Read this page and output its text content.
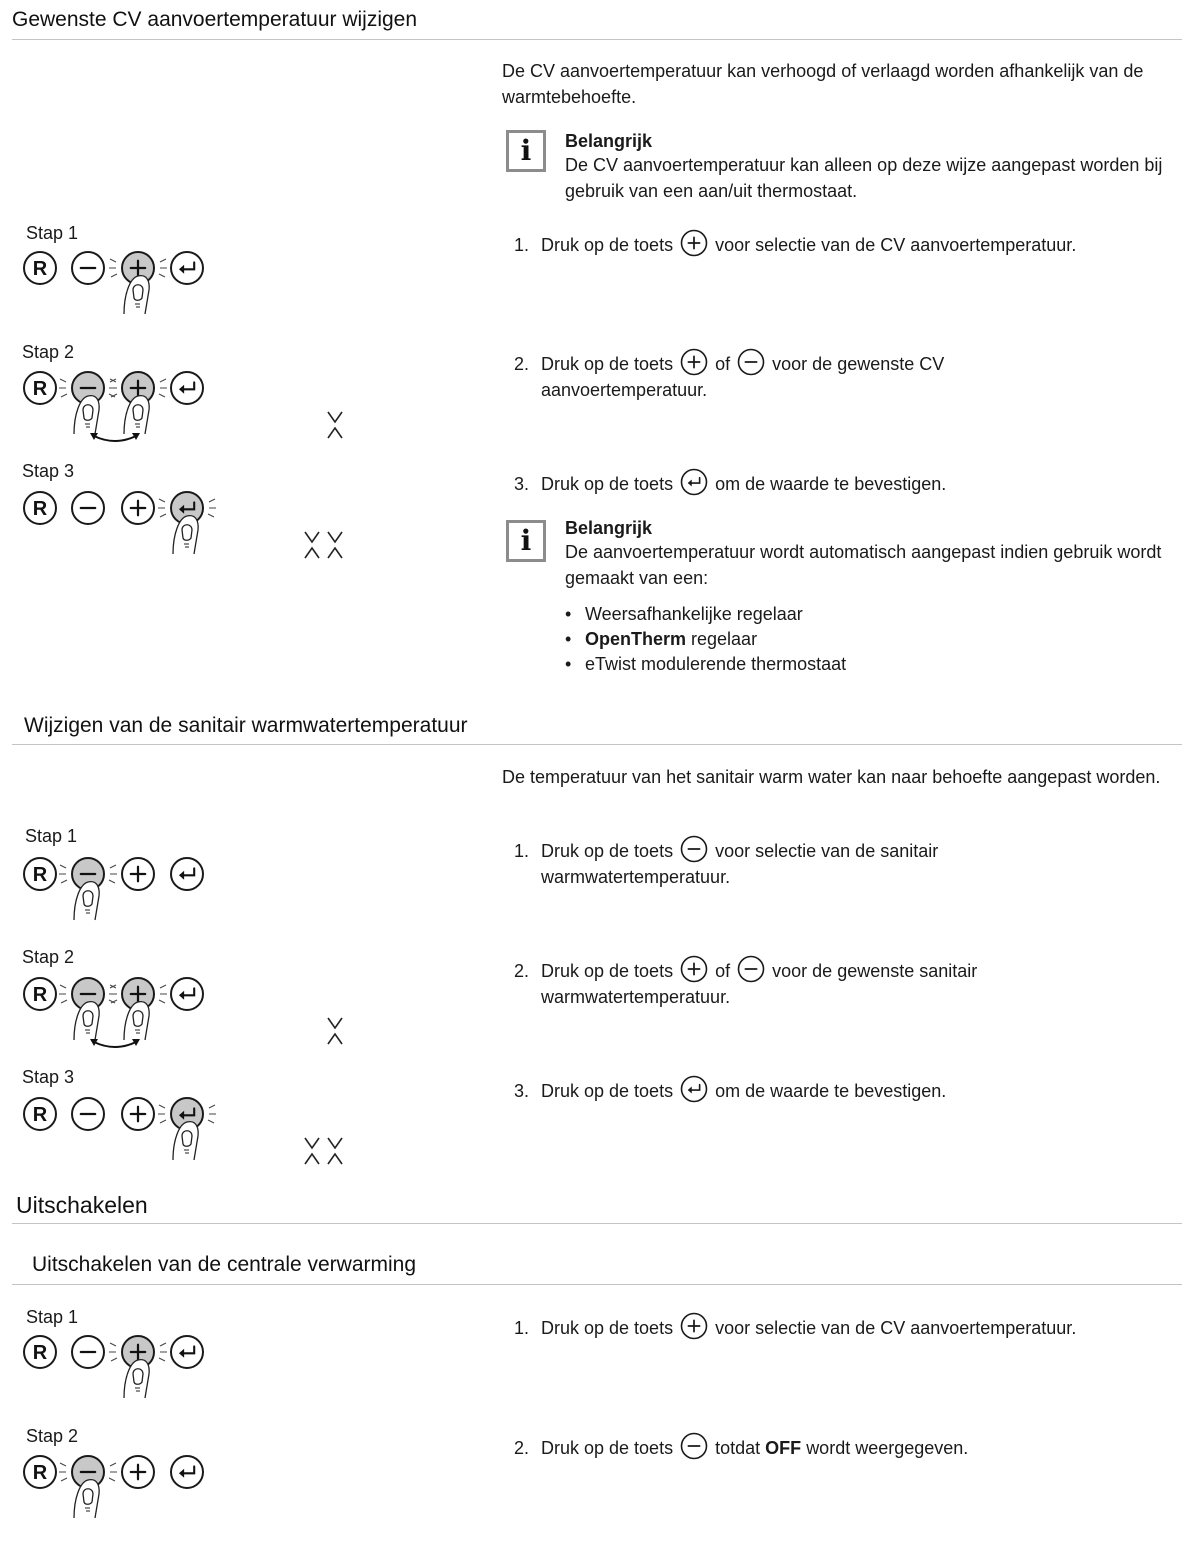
Gewenste CV aanvoertemperatuur wijzigen
De CV aanvoertemperatuur kan verhoogd of verlaagd worden afhankelijk van de warmtebehoefte.
i	Belangrijk
De CV aanvoertemperatuur kan alleen op deze wijze aangepast worden bij gebruik van een aan/uit thermostaat.
Stap 1
R
1. Druk op de toets voor selectie van de CV aanvoertemperatuur.
Stap 2
R
2. Druk op de toets of voor de gewenste CV
aanvoertemperatuur.
Stap 3
R
3. Druk op de toets om de waarde te bevestigen.
i	Belangrijk
De aanvoertemperatuur wordt automatisch aangepast indien gebruik wordt gemaakt van een:
• Weersafhankelijke regelaar
• OpenTherm regelaar
• eTwist modulerende thermostaat
Wijzigen van de sanitair warmwatertemperatuur
De temperatuur van het sanitair warm water kan naar behoefte aangepast worden.
Stap 1
R
1. Druk op de toets voor selectie van de sanitair
warmwatertemperatuur.
Stap 2
R
2. Druk op de toets of voor de gewenste sanitair
warmwatertemperatuur.
Stap 3
R
3. Druk op de toets om de waarde te bevestigen.
Uitschakelen
Uitschakelen van de centrale verwarming
Stap 1
R
1. Druk op de toets voor selectie van de CV aanvoertemperatuur.
Stap 2
R
2. Druk op de toets totdat OFF wordt weergegeven.
